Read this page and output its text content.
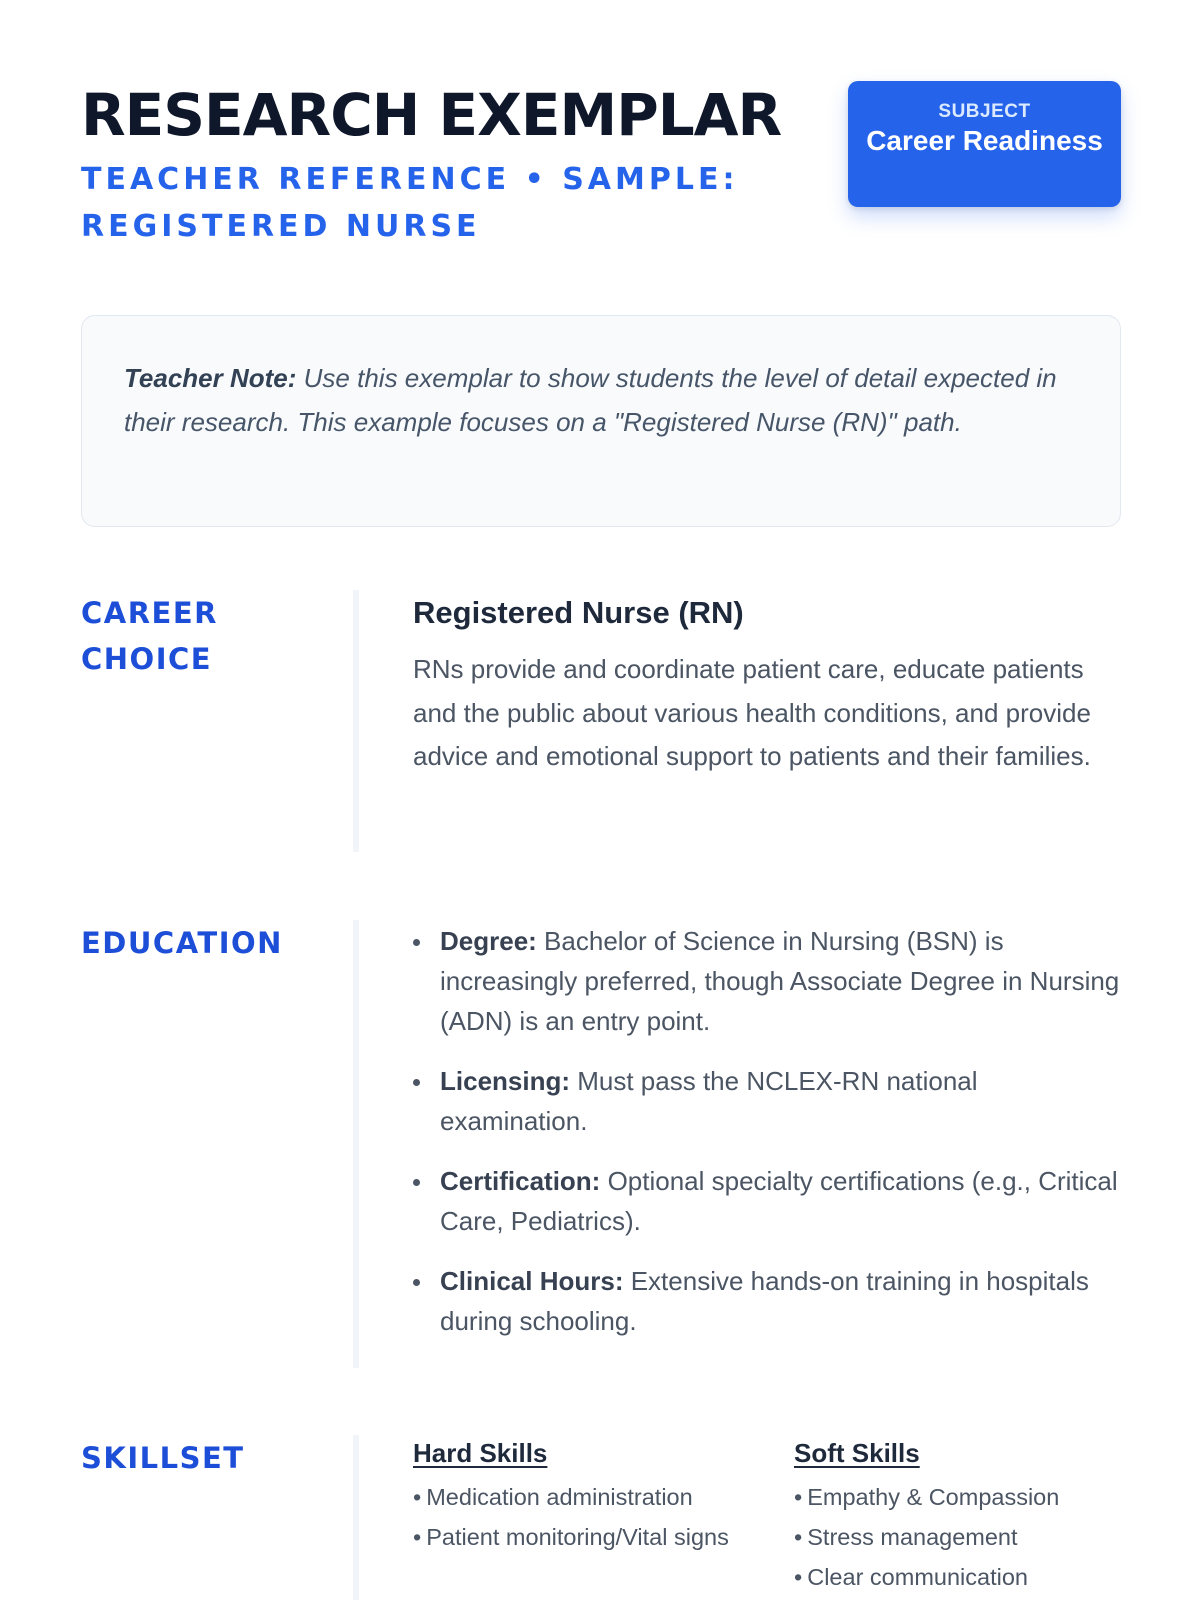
RESEARCH EXEMPLAR

TEACHER REFERENCE • SAMPLE: REGISTERED NURSE

SUBJECT
Career Readiness
Teacher Note: Use this exemplar to show students the level of detail expected in their research. This example focuses on a "Registered Nurse (RN)" path.
CAREER CHOICE
Registered Nurse (RN)

RNs provide and coordinate patient care, educate patients and the public about various health conditions, and provide advice and emotional support to patients and their families.

EDUCATION	Degree: Bachelor of Science in Nursing (BSN) is increasingly preferred, though Associate Degree in Nursing (ADN) is an entry point.
Licensing: Must pass the NCLEX-RN national examination.
Certification: Optional specialty certifications (e.g., Critical Care, Pediatrics).
Clinical Hours: Extensive hands-on training in hospitals during schooling.
SKILLSET	Hard Skills
• Medication administration
• Patient monitoring/Vital signs
Soft Skills
• Empathy & Compassion
• Stress management
• Clear communication
